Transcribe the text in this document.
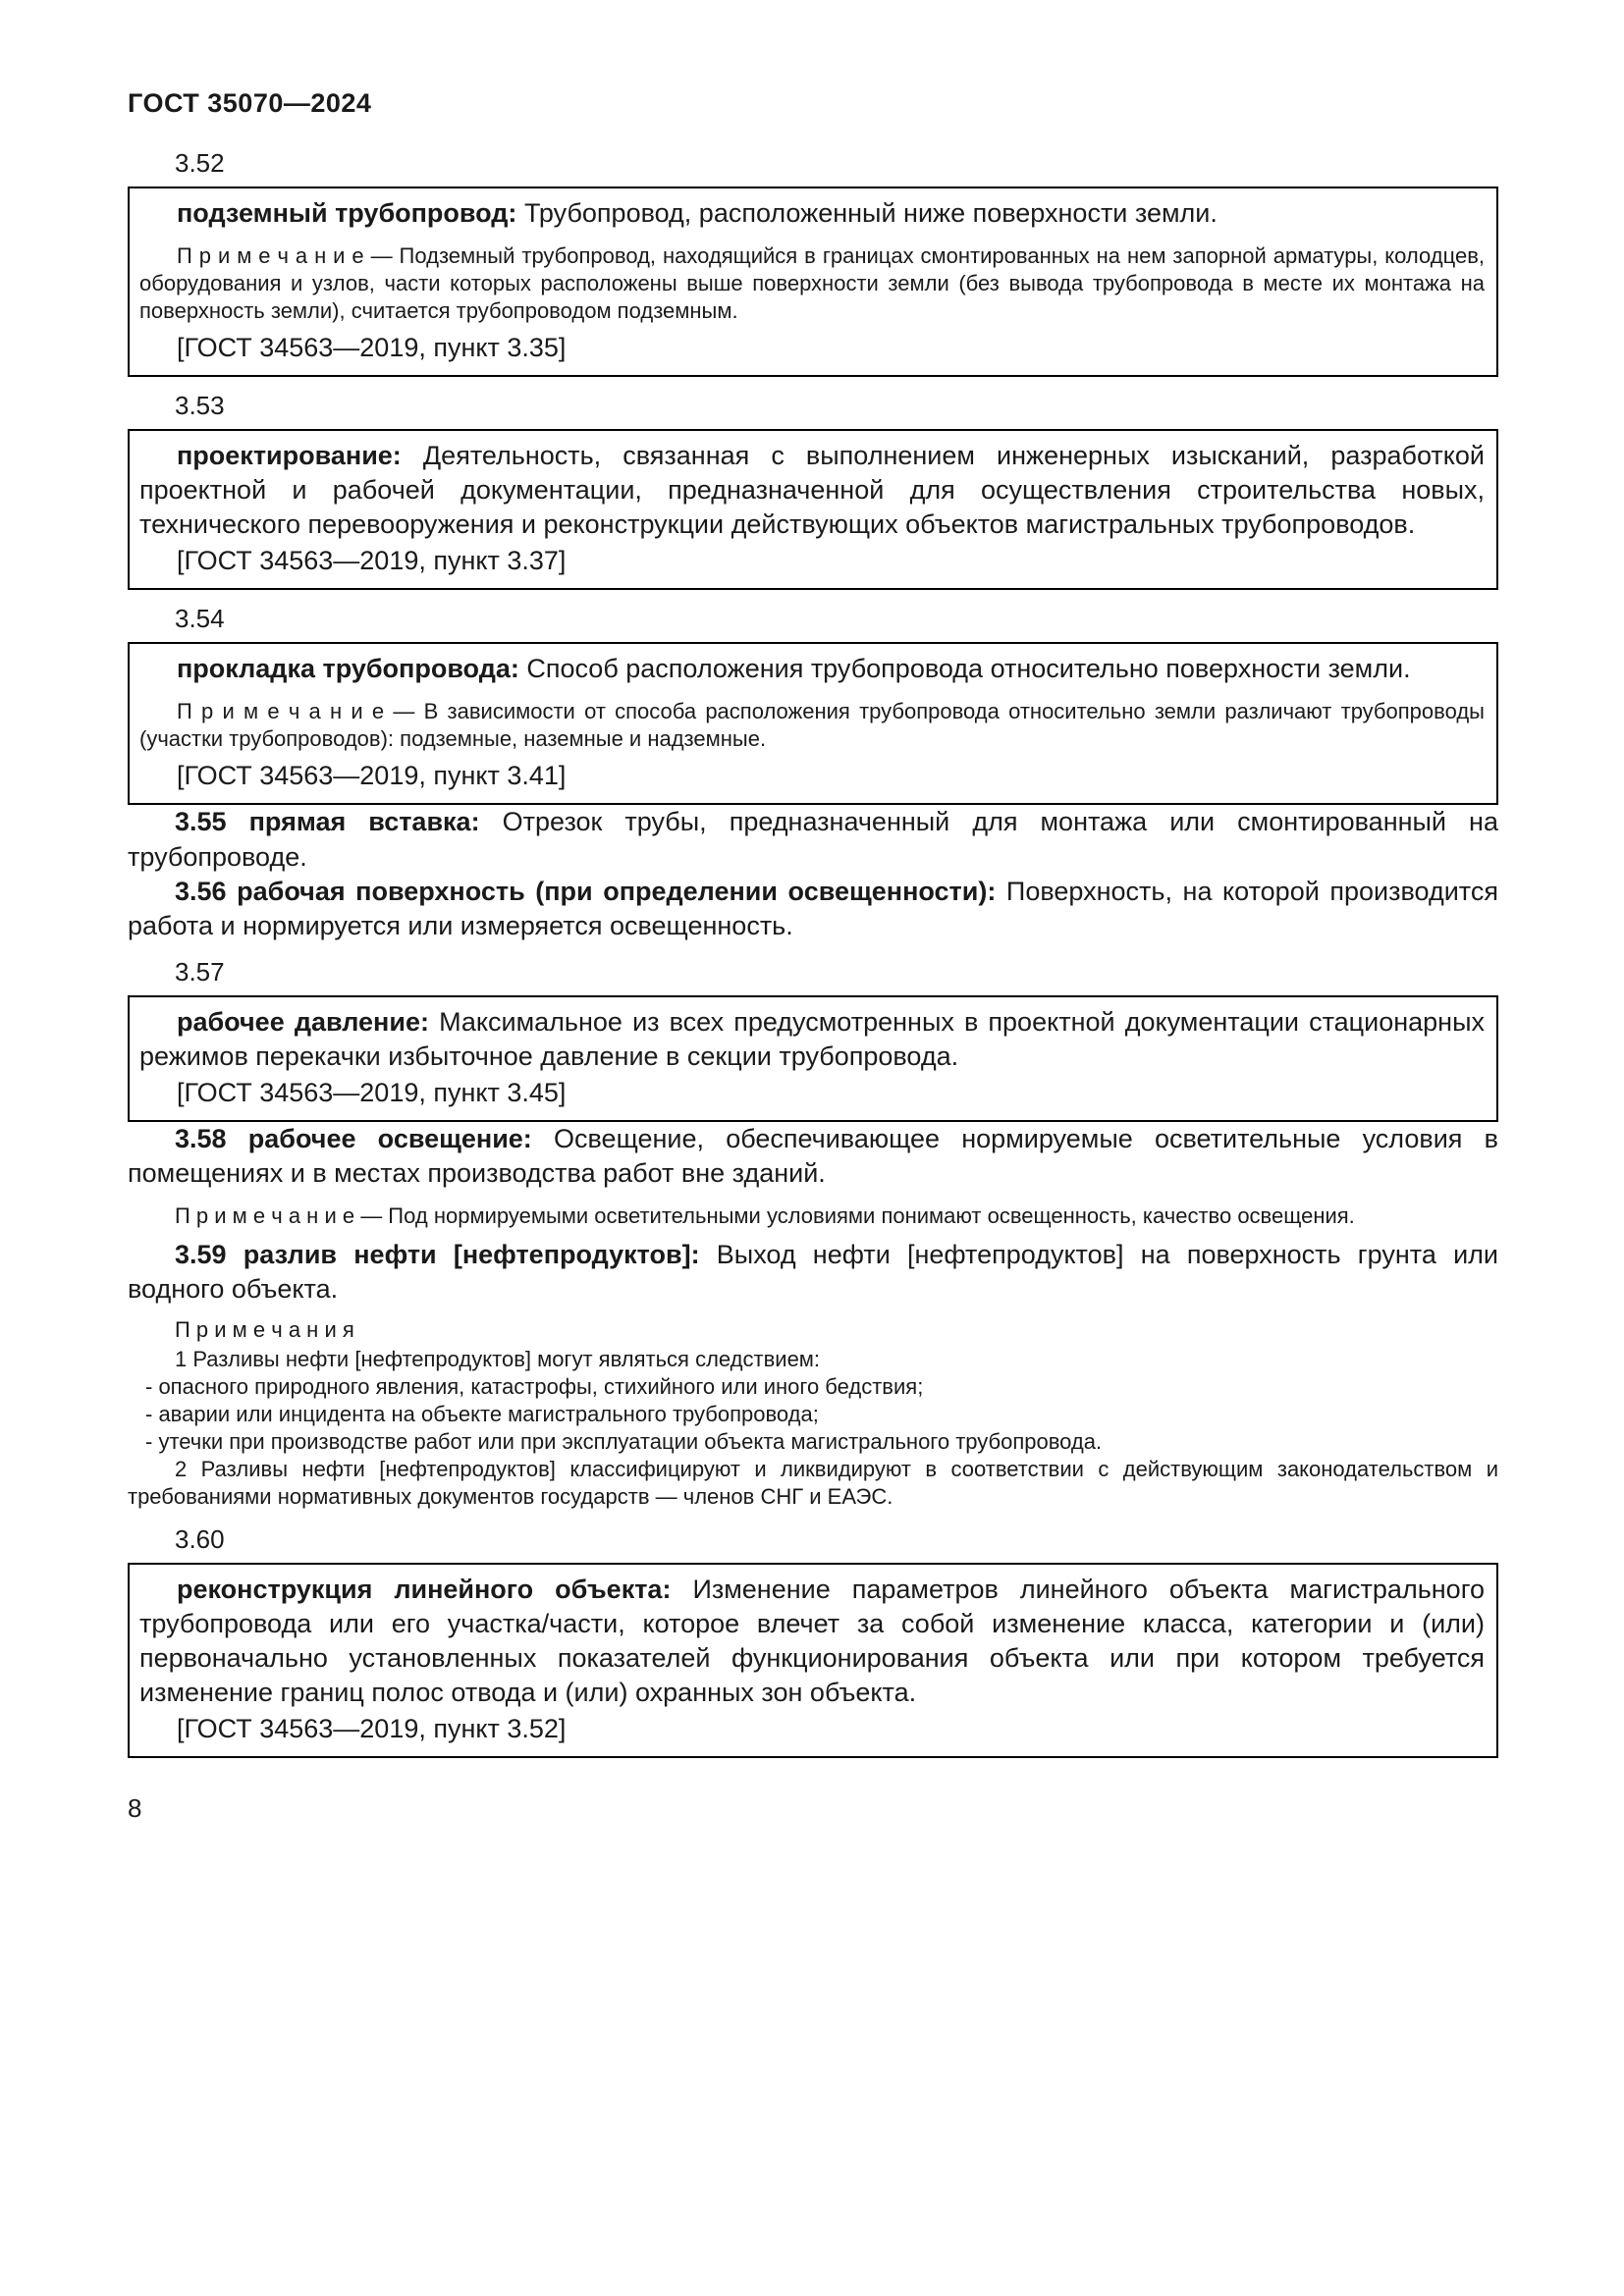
ГОСТ 35070—2024

3.52

подземный трубопровод: Трубопровод, расположенный ниже поверхности земли.

П р и м е ч а н и е — Подземный трубопровод, находящийся в границах смонтированных на нем запорной арматуры, колодцев, оборудования и узлов, части которых расположены выше поверхности земли (без вывода трубопровода в месте их монтажа на поверхность земли), считается трубопроводом подземным.

[ГОСТ 34563—2019, пункт 3.35]

3.53

проектирование: Деятельность, связанная с выполнением инженерных изысканий, разработкой проектной и рабочей документации, предназначенной для осуществления строительства новых, технического перевооружения и реконструкции действующих объектов магистральных трубопроводов.

[ГОСТ 34563—2019, пункт 3.37]

3.54

прокладка трубопровода: Способ расположения трубопровода относительно поверхности земли.

П р и м е ч а н и е — В зависимости от способа расположения трубопровода относительно земли различают трубопроводы (участки трубопроводов): подземные, наземные и надземные.

[ГОСТ 34563—2019, пункт 3.41]

3.55 прямая вставка: Отрезок трубы, предназначенный для монтажа или смонтированный на трубопроводе.

3.56 рабочая поверхность (при определении освещенности): Поверхность, на которой производится работа и нормируется или измеряется освещенность.

3.57

рабочее давление: Максимальное из всех предусмотренных в проектной документации стационарных режимов перекачки избыточное давление в секции трубопровода.

[ГОСТ 34563—2019, пункт 3.45]

3.58 рабочее освещение: Освещение, обеспечивающее нормируемые осветительные условия в помещениях и в местах производства работ вне зданий.

П р и м е ч а н и е — Под нормируемыми осветительными условиями понимают освещенность, качество освещения.

3.59 разлив нефти [нефтепродуктов]: Выход нефти [нефтепродуктов] на поверхность грунта или водного объекта.

П р и м е ч а н и я

1 Разливы нефти [нефтепродуктов] могут являться следствием:

- опасного природного явления, катастрофы, стихийного или иного бедствия;

- аварии или инцидента на объекте магистрального трубопровода;

- утечки при производстве работ или при эксплуатации объекта магистрального трубопровода.

2 Разливы нефти [нефтепродуктов] классифицируют и ликвидируют в соответствии с действующим законодательством и требованиями нормативных документов государств — членов СНГ и ЕАЭС.

3.60

реконструкция линейного объекта: Изменение параметров линейного объекта магистрального трубопровода или его участка/части, которое влечет за собой изменение класса, категории и (или) первоначально установленных показателей функционирования объекта или при котором требуется изменение границ полос отвода и (или) охранных зон объекта.

[ГОСТ 34563—2019, пункт 3.52]

8
